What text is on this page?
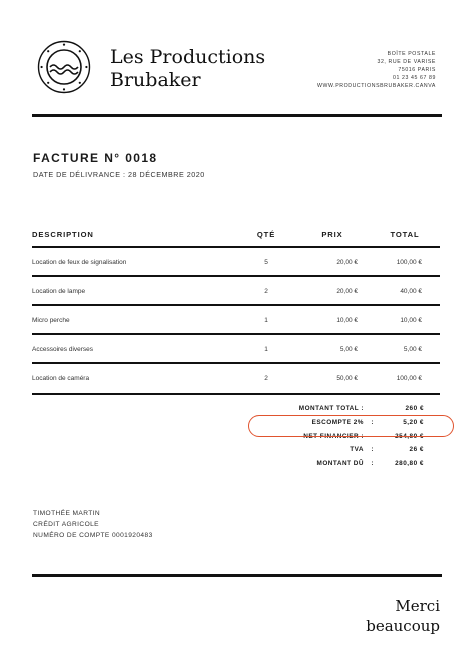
Les Productions
Brubaker
BOÎTE POSTALE
32, RUE DE VARISE
75016 PARIS
01 23 45 67 89
WWW.PRODUCTIONSBRUBAKER.CANVA
FACTURE N° 0018
DATE DE DÉLIVRANCE : 28 DÉCEMBRE 2020
DESCRIPTION	QTÉ	PRIX	TOTAL
Location de feux de signalisation	5	20,00 €	100,00 €
Location de lampe	2	20,00 €	40,00 €
Micro perche	1	10,00 €	10,00 €
Accessoires diverses	1	5,00 €	5,00 €
Location de caméra	2	50,00 €	100,00 €
MONTANT TOTAL :	260 €
ESCOMPTE 2% :	5,20 €
NET FINANCIER :	254,80 €
TVA :	26 €
MONTANT DÛ :	280,80 €
TIMOTHÉE MARTIN
CRÉDIT AGRICOLE
NUMÉRO DE COMPTE 0001920483
Merci
beaucoup
